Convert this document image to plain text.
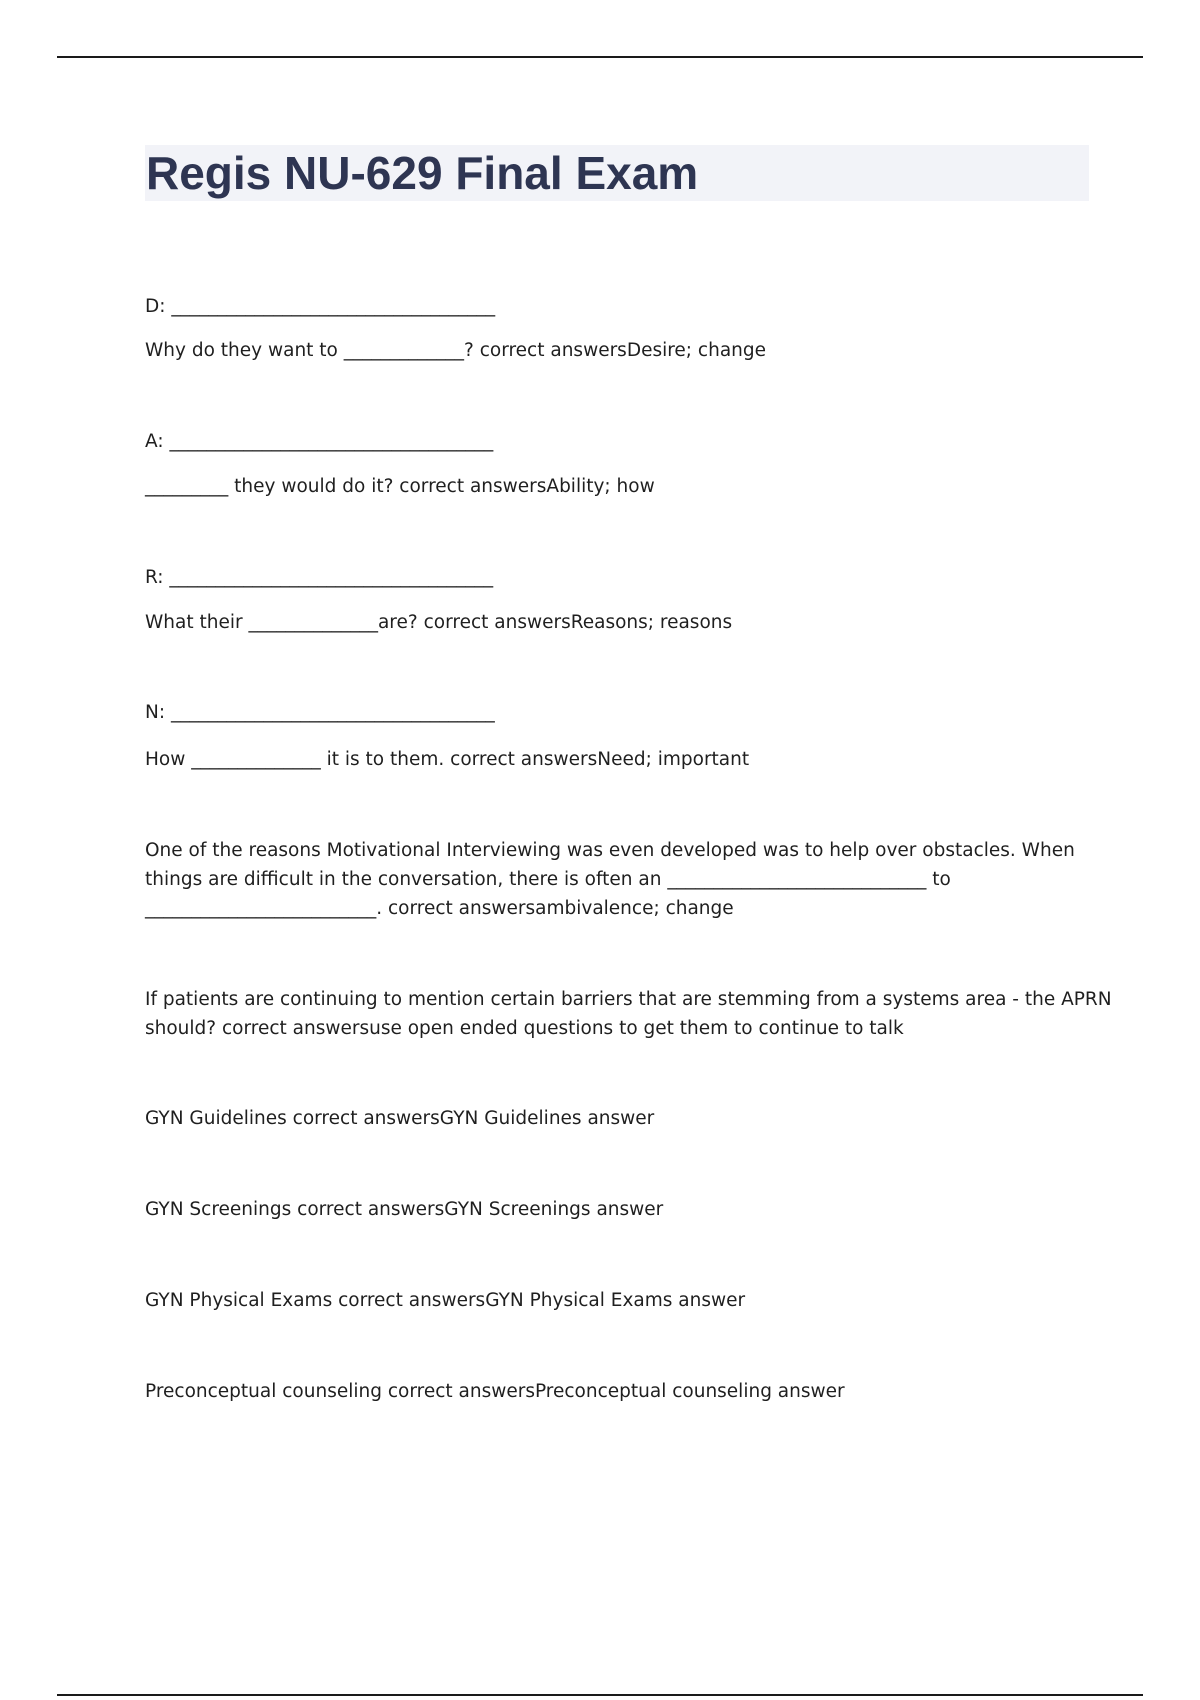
Regis NU-629 Final Exam

D: ___________________________________

Why do they want to _____________? correct answersDesire; change

A: ___________________________________

_________ they would do it? correct answersAbility; how

R: ___________________________________

What their ______________are? correct answersReasons; reasons

N: ___________________________________

How ______________ it is to them. correct answersNeed; important

One of the reasons Motivational Interviewing was even developed was to help over obstacles. When
things are difficult in the conversation, there is often an ____________________________ to
_________________________. correct answersambivalence; change
If patients are continuing to mention certain barriers that are stemming from a systems area - the APRN
should? correct answersuse open ended questions to get them to continue to talk

GYN Guidelines correct answersGYN Guidelines answer

GYN Screenings correct answersGYN Screenings answer

GYN Physical Exams correct answersGYN Physical Exams answer

Preconceptual counseling correct answersPreconceptual counseling answer
